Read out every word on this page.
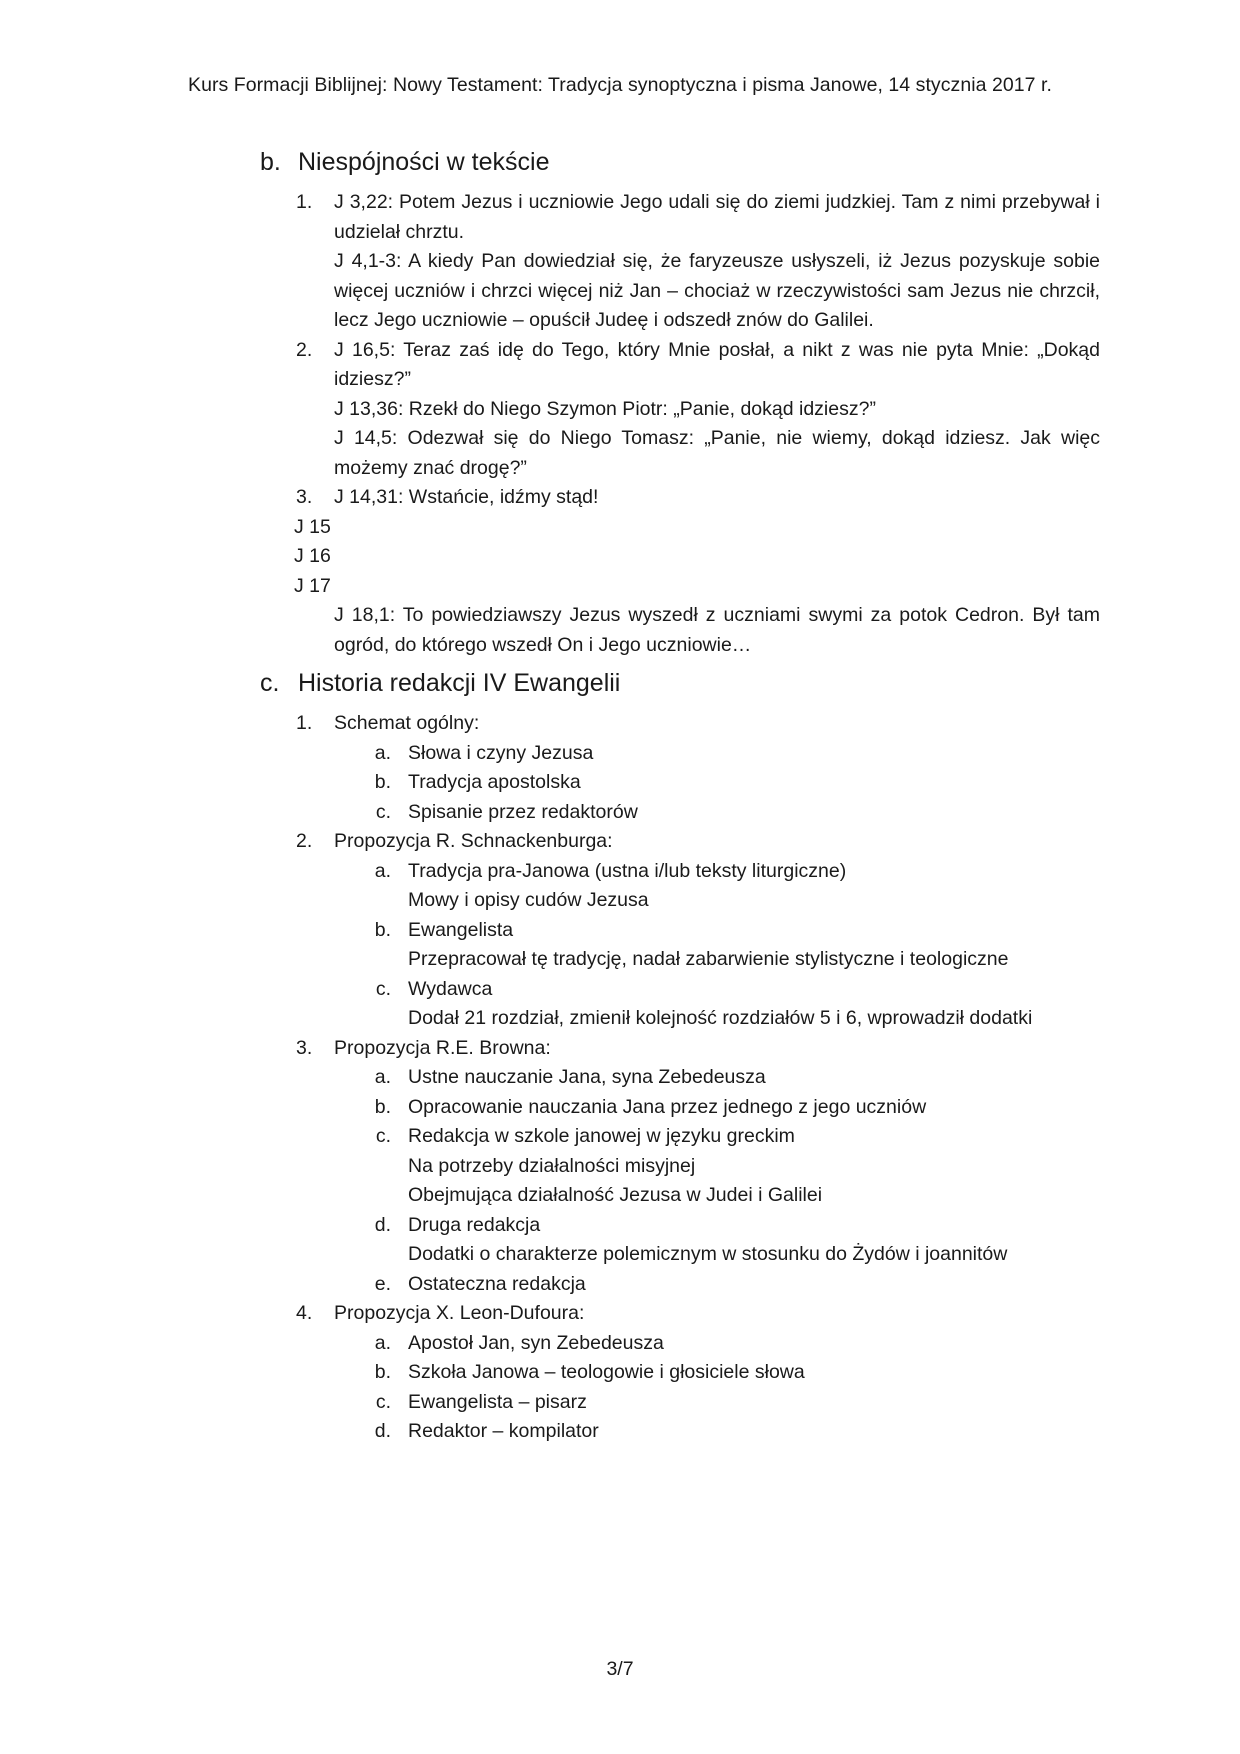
Kurs Formacji Biblijnej: Nowy Testament: Tradycja synoptyczna i pisma Janowe, 14 stycznia 2017 r.
b. Niespójności w tekście
1. J 3,22: Potem Jezus i uczniowie Jego udali się do ziemi judzkiej. Tam z nimi przebywał i udzielał chrztu.
J 4,1-3: A kiedy Pan dowiedział się, że faryzeusze usłyszeli, iż Jezus pozyskuje sobie więcej uczniów i chrzci więcej niż Jan – chociaż w rzeczywistości sam Jezus nie chrzcił, lecz Jego uczniowie – opuścił Judeę i odszedł znów do Galilei.
2. J 16,5: Teraz zaś idę do Tego, który Mnie posłał, a nikt z was nie pyta Mnie: „Dokąd idziesz?”
J 13,36: Rzekł do Niego Szymon Piotr: „Panie, dokąd idziesz?”
J 14,5: Odezwał się do Niego Tomasz: „Panie, nie wiemy, dokąd idziesz. Jak więc możemy znać drogę?”
3. J 14,31: Wstańcie, idźmy stąd!
J 15
J 16
J 17
J 18,1: To powiedziawszy Jezus wyszedł z uczniami swymi za potok Cedron. Był tam ogród, do którego wszedł On i Jego uczniowie…
c. Historia redakcji IV Ewangelii
1. Schemat ogólny:
a. Słowa i czyny Jezusa
b. Tradycja apostolska
c. Spisanie przez redaktorów
2. Propozycja R. Schnackenburga:
a. Tradycja pra-Janowa (ustna i/lub teksty liturgiczne)
Mowy i opisy cudów Jezusa
b. Ewangelista
Przepracował tę tradycję, nadał zabarwienie stylistyczne i teologiczne
c. Wydawca
Dodał 21 rozdział, zmienił kolejność rozdziałów 5 i 6, wprowadził dodatki
3. Propozycja R.E. Browna:
a. Ustne nauczanie Jana, syna Zebedeusza
b. Opracowanie nauczania Jana przez jednego z jego uczniów
c. Redakcja w szkole janowej w języku greckim
Na potrzeby działalności misyjnej
Obejmująca działalność Jezusa w Judei i Galilei
d. Druga redakcja
Dodatki o charakterze polemicznym w stosunku do Żydów i joannitów
e. Ostateczna redakcja
4. Propozycja X. Leon-Dufoura:
a. Apostoł Jan, syn Zebedeusza
b. Szkoła Janowa – teologowie i głosiciele słowa
c. Ewangelista – pisarz
d. Redaktor – kompilator
3/7
